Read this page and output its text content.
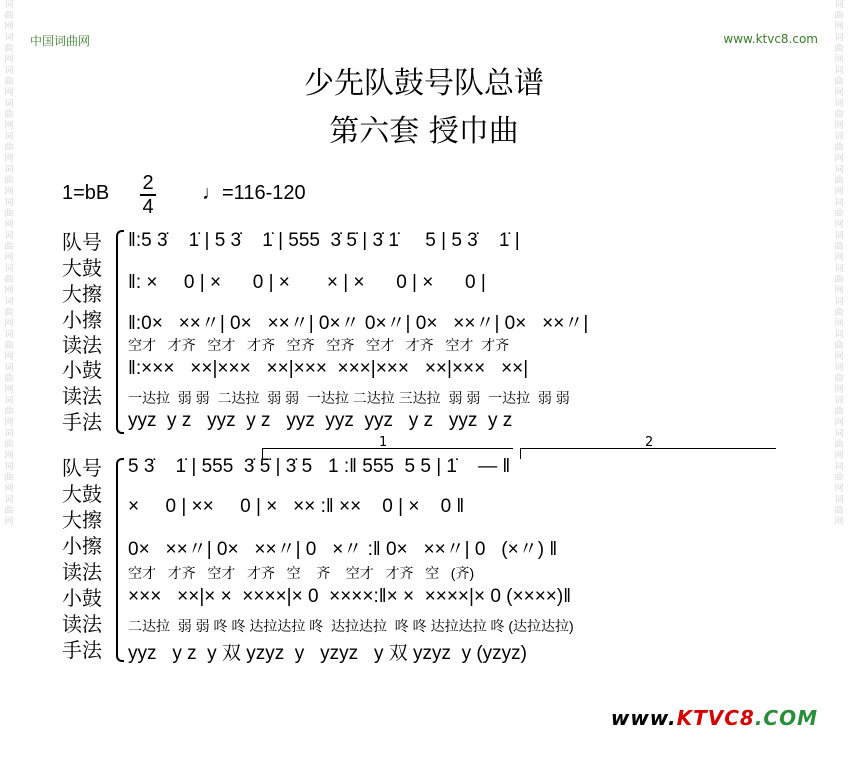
词曲网词曲网词曲网词曲网词曲网词曲网词曲网词曲网词曲网词曲网词曲网词曲网词曲网词曲网词曲网词曲网
词曲网词曲网词曲网词曲网词曲网词曲网词曲网词曲网词曲网词曲网词曲网词曲网词曲网词曲网词曲网词曲网
中国词曲网	www.ktvc8.com
少先队鼓号队总谱
第六套 授巾曲
1=bB 2
4
♩=116-120
队号
大鼓
大擦
小擦
读法
小鼓
读法
手法
‖:5 3̇    1̇ | 5 3̇    1̇ | 555  3̇ 5̇ | 3̇ 1̇     5 | 5 3̇    1̇ |
‖: ×     0 | ×      0 | ×       × | ×      0 | ×      0 |
‖:0×   ××〃| 0×   ××〃| 0×〃 0×〃| 0×   ××〃| 0×   ××〃|
空才   才齐   空才   才齐   空齐   空齐   空才   才齐   空才  才齐
‖:×××   ××|×××   ××|×××  ×××|×××   ××|×××   ××|
一达拉  弱 弱  二达拉  弱 弱  一达拉 二达拉 三达拉  弱 弱  一达拉  弱 弱
yyz  y z   yyz  y z   yyz  yyz  yyz   y z   yyz  y z
1	2
队号
大鼓
大擦
小擦
读法
小鼓
读法
手法
5 3̇    1̇ | 555  3̇ 5̇ | 3̇ 5   1 :‖ 555  5 5 | 1̇    — ‖
×     0 | ××     0 | ×   ×× :‖ ××    0 | ×    0 ‖
0×   ××〃| 0×   ××〃| 0   ×〃 :‖ 0×   ××〃| 0   (×〃) ‖
空才   才齐   空才   才齐   空    齐    空才   才齐   空   (齐)
×××   ××|× ×  ××××|× 0  ××××:‖× ×  ××××|× 0 (××××)‖
二达拉  弱 弱 咚 咚 达拉达拉 咚  达拉达拉  咚 咚 达拉达拉 咚 (达拉达拉)
yyz   y z  y 双 yzyz  y   yzyz   y 双 yzyz  y (yzyz)
www.KTVC8.COM
